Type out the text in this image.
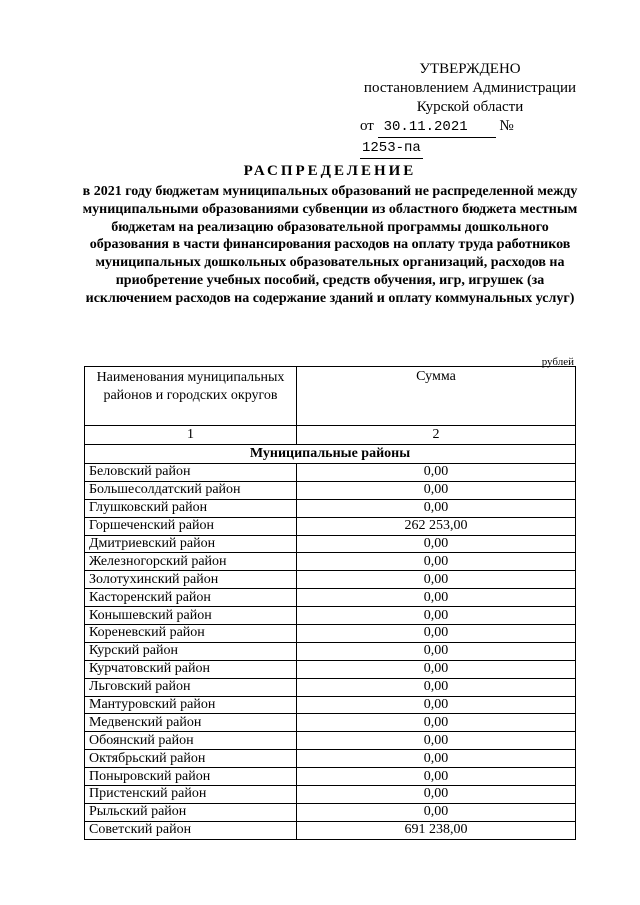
УТВЕРЖДЕНО
постановлением Администрации
Курской области
от 30.11.2021 № 1253-па
РАСПРЕДЕЛЕНИЕ
в 2021 году бюджетам муниципальных образований не распределенной между муниципальными образованиями субвенции из областного бюджета местным бюджетам на реализацию образовательной программы дошкольного образования в части финансирования расходов на оплату труда работников муниципальных дошкольных образовательных организаций, расходов на приобретение учебных пособий, средств обучения, игр, игрушек (за исключением расходов на содержание зданий и оплату коммунальных услуг)
рублей
Наименования муниципальных районов и городских округов	Сумма
1	2
Муниципальные районы	
Беловский район	0,00
Большесолдатский район	0,00
Глушковский район	0,00
Горшеченский район	262 253,00
Дмитриевский район	0,00
Железногорский район	0,00
Золотухинский район	0,00
Касторенский район	0,00
Конышевский район	0,00
Кореневский район	0,00
Курский район	0,00
Курчатовский район	0,00
Льговский район	0,00
Мантуровский район	0,00
Медвенский район	0,00
Обоянский район	0,00
Октябрьский район	0,00
Поныровский район	0,00
Пристенский район	0,00
Рыльский район	0,00
Советский район	691 238,00
